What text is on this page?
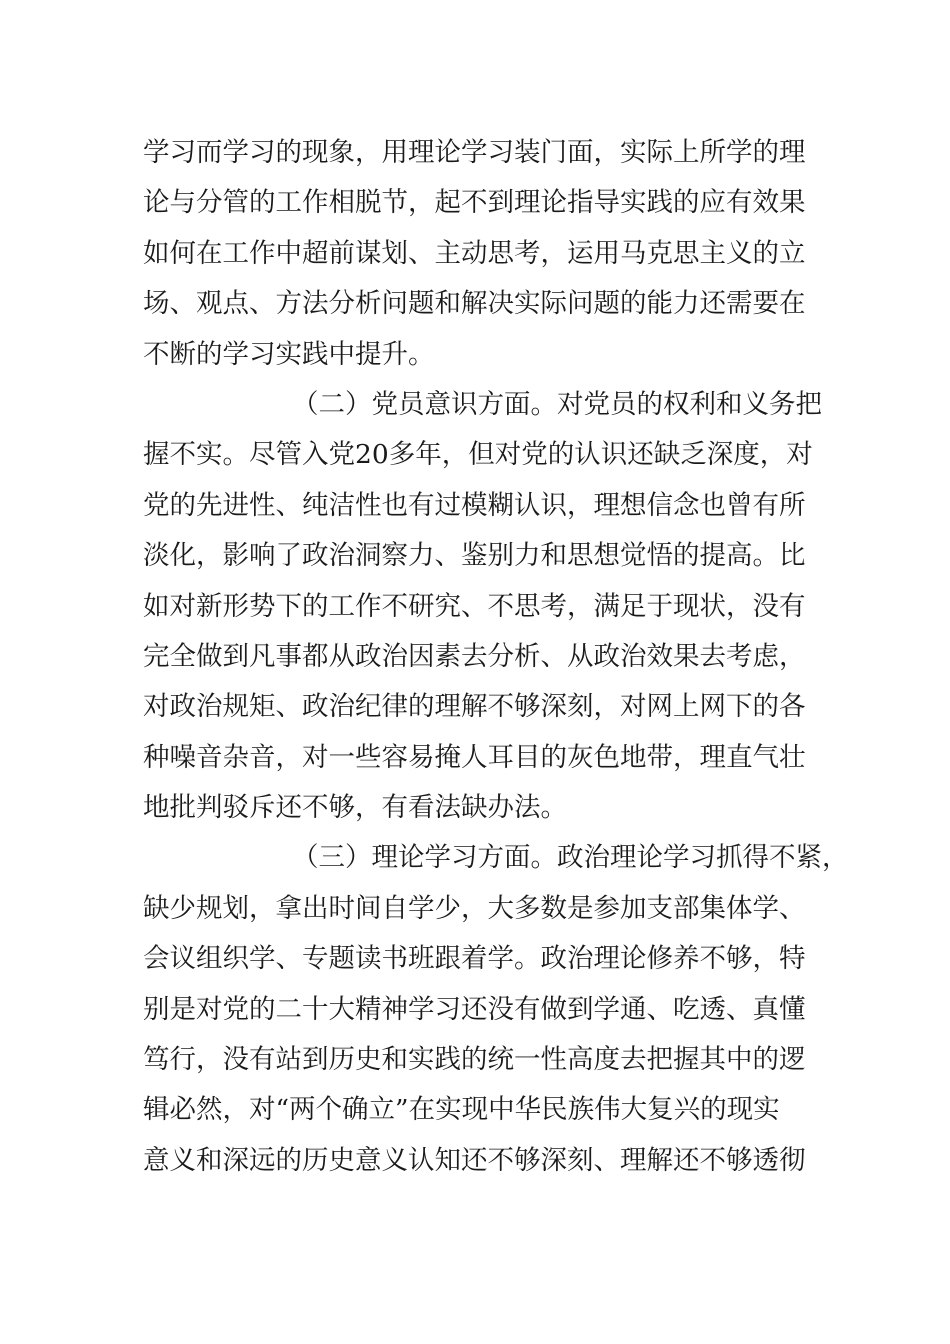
学习而学习的现象，用理论学习装门面，实际上所学的理
论与分管的工作相脱节，起不到理论指导实践的应有效果
如何在工作中超前谋划、主动思考，运用马克思主义的立
场、观点、方法分析问题和解决实际问题的能力还需要在
不断的学习实践中提升。
（二）党员意识方面。对党员的权利和义务把
握不实。尽管入党20多年，但对党的认识还缺乏深度，对
党的先进性、纯洁性也有过模糊认识，理想信念也曾有所
淡化，影响了政治洞察力、鉴别力和思想觉悟的提高。比
如对新形势下的工作不研究、不思考，满足于现状，没有
完全做到凡事都从政治因素去分析、从政治效果去考虑，
对政治规矩、政治纪律的理解不够深刻，对网上网下的各
种噪音杂音，对一些容易掩人耳目的灰色地带，理直气壮
地批判驳斥还不够，有看法缺办法。
（三）理论学习方面。政治理论学习抓得不紧，
缺少规划，拿出时间自学少，大多数是参加支部集体学、
会议组织学、专题读书班跟着学。政治理论修养不够，特
别是对党的二十大精神学习还没有做到学通、吃透、真懂
笃行，没有站到历史和实践的统一性高度去把握其中的逻
辑必然，对“两个确立”在实现中华民族伟大复兴的现实
意义和深远的历史意义认知还不够深刻、理解还不够透彻
